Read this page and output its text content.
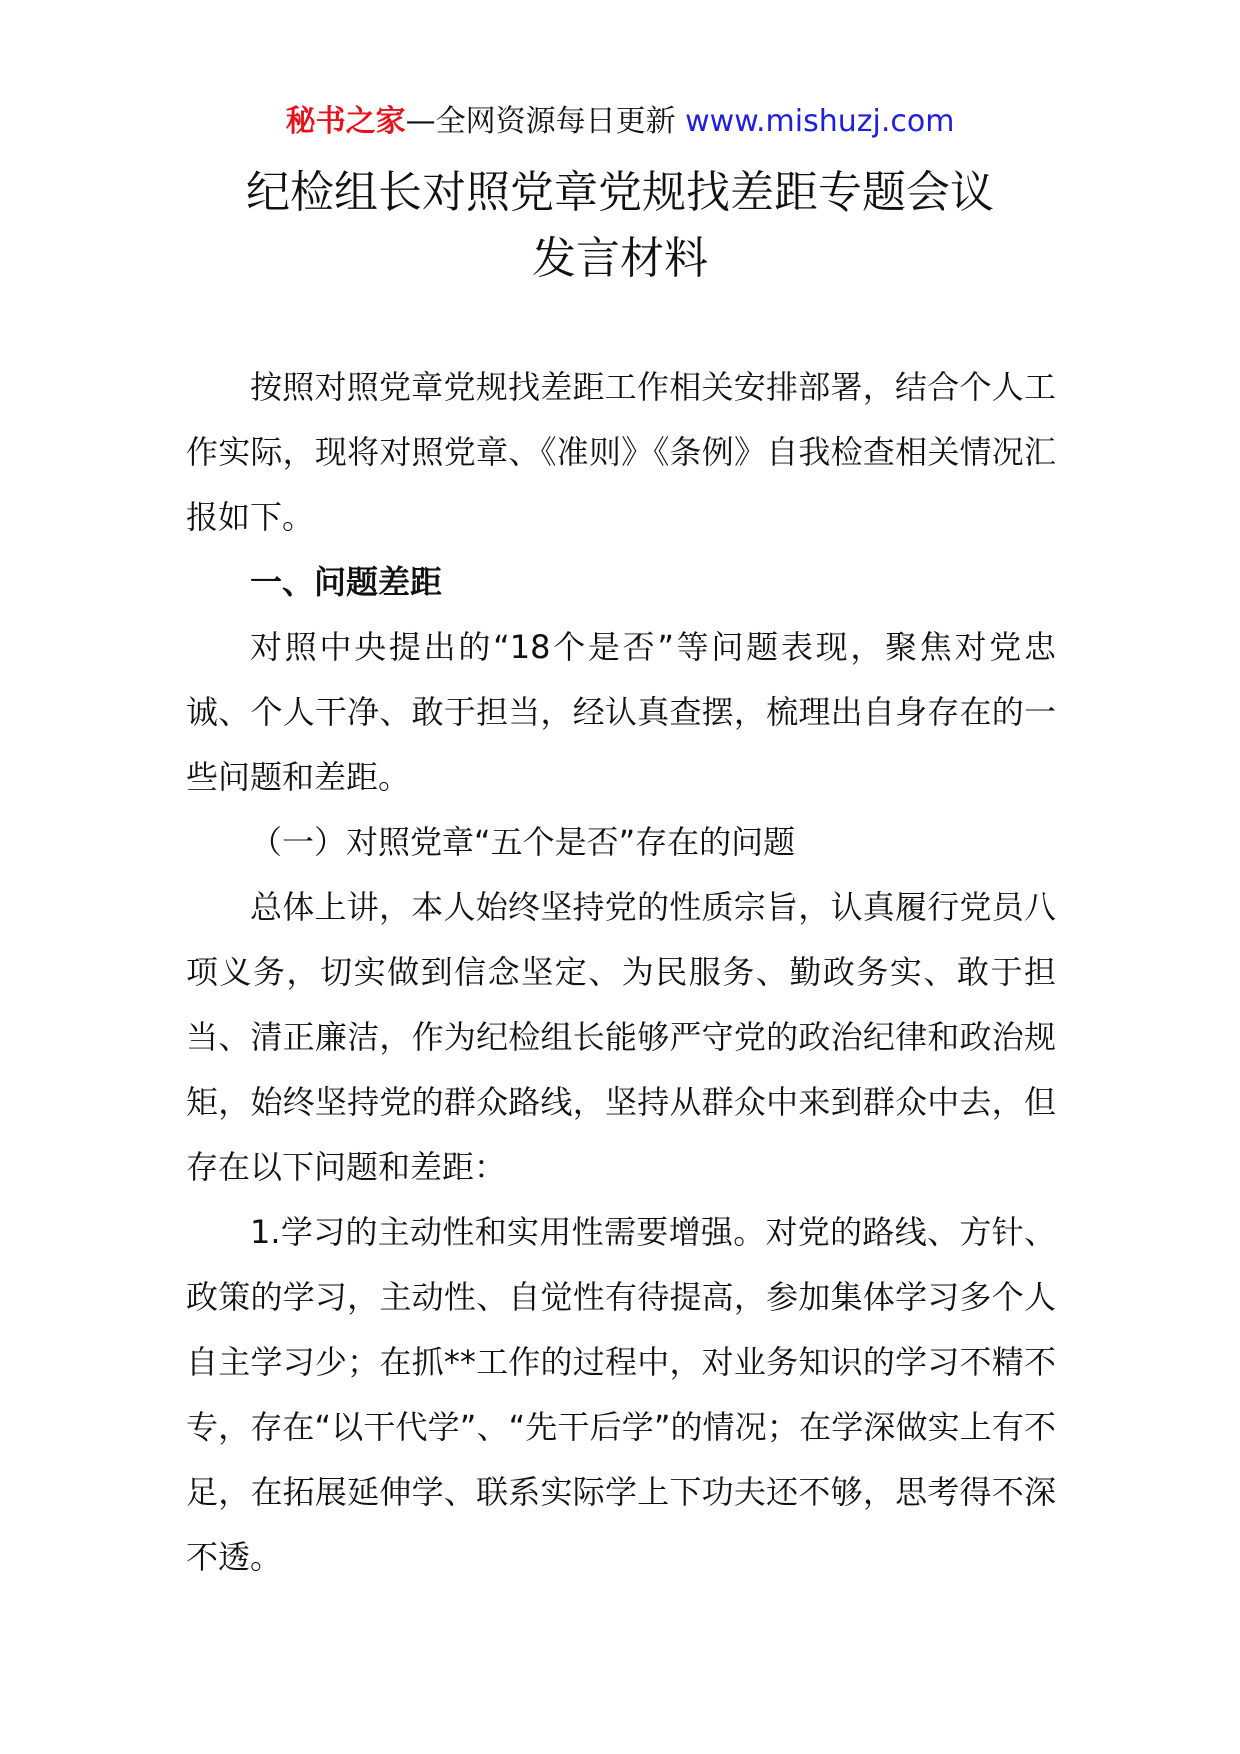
秘书之家—全网资源每日更新 www.mishuzj.com
纪检组长对照党章党规找差距专题会议
发言材料

按照对照党章党规找差距工作相关安排部署，结合个人工作实际，现将对照党章、《准则》《条例》自我检查相关情况汇报如下。

一、问题差距

对照中央提出的“18个是否”等问题表现，聚焦对党忠诚、个人干净、敢于担当，经认真查摆，梳理出自身存在的一些问题和差距。

（一）对照党章“五个是否”存在的问题

总体上讲，本人始终坚持党的性质宗旨，认真履行党员八项义务，切实做到信念坚定、为民服务、勤政务实、敢于担当、清正廉洁，作为纪检组长能够严守党的政治纪律和政治规矩，始终坚持党的群众路线，坚持从群众中来到群众中去，但存在以下问题和差距：

1.学习的主动性和实用性需要增强。对党的路线、方针、政策的学习，主动性、自觉性有待提高，参加集体学习多个人自主学习少；在抓**工作的过程中，对业务知识的学习不精不专，存在“以干代学”、“先干后学”的情况；在学深做实上有不足，在拓展延伸学、联系实际学上下功夫还不够，思考得不深不透。
